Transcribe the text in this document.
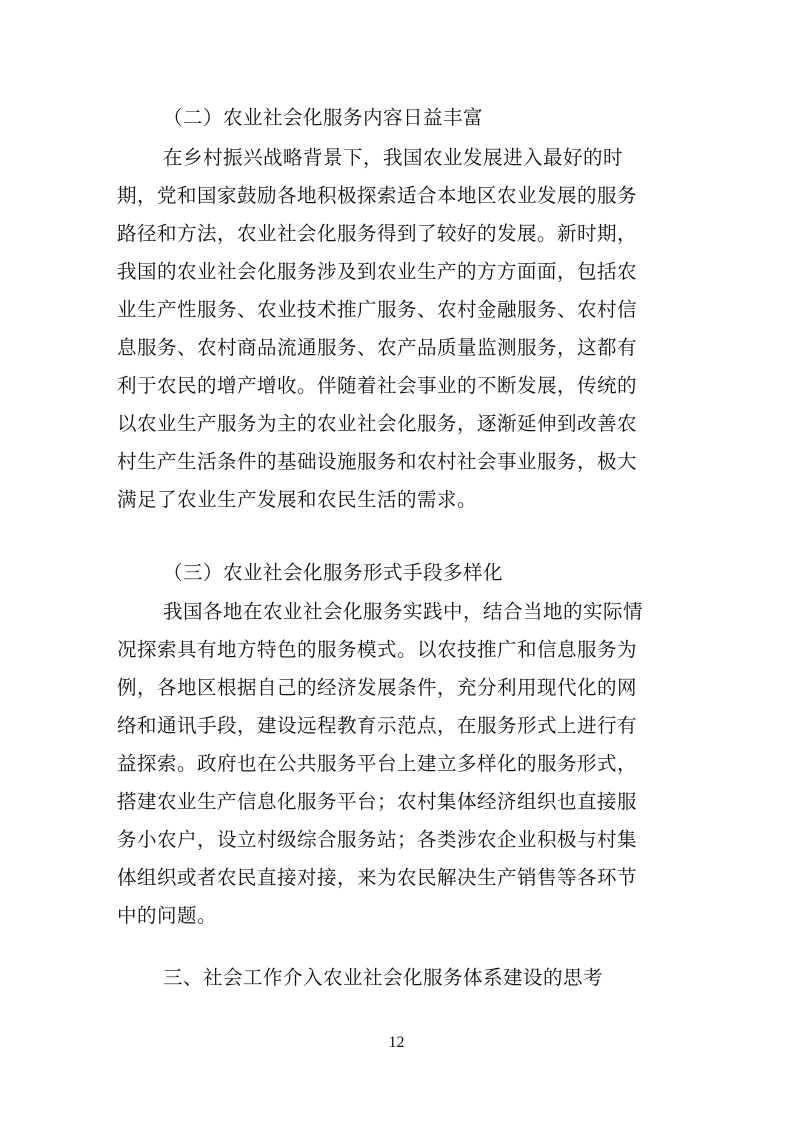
（二）农业社会化服务内容日益丰富
在乡村振兴战略背景下，我国农业发展进入最好的时
期，党和国家鼓励各地积极探索适合本地区农业发展的服务
路径和方法，农业社会化服务得到了较好的发展。新时期，
我国的农业社会化服务涉及到农业生产的方方面面，包括农
业生产性服务、农业技术推广服务、农村金融服务、农村信
息服务、农村商品流通服务、农产品质量监测服务，这都有
利于农民的增产增收。伴随着社会事业的不断发展，传统的
以农业生产服务为主的农业社会化服务，逐渐延伸到改善农
村生产生活条件的基础设施服务和农村社会事业服务，极大
满足了农业生产发展和农民生活的需求。
（三）农业社会化服务形式手段多样化
我国各地在农业社会化服务实践中，结合当地的实际情
况探索具有地方特色的服务模式。以农技推广和信息服务为
例，各地区根据自己的经济发展条件，充分利用现代化的网
络和通讯手段，建设远程教育示范点，在服务形式上进行有
益探索。政府也在公共服务平台上建立多样化的服务形式，
搭建农业生产信息化服务平台；农村集体经济组织也直接服
务小农户，设立村级综合服务站；各类涉农企业积极与村集
体组织或者农民直接对接，来为农民解决生产销售等各环节
中的问题。
三、社会工作介入农业社会化服务体系建设的思考
12
